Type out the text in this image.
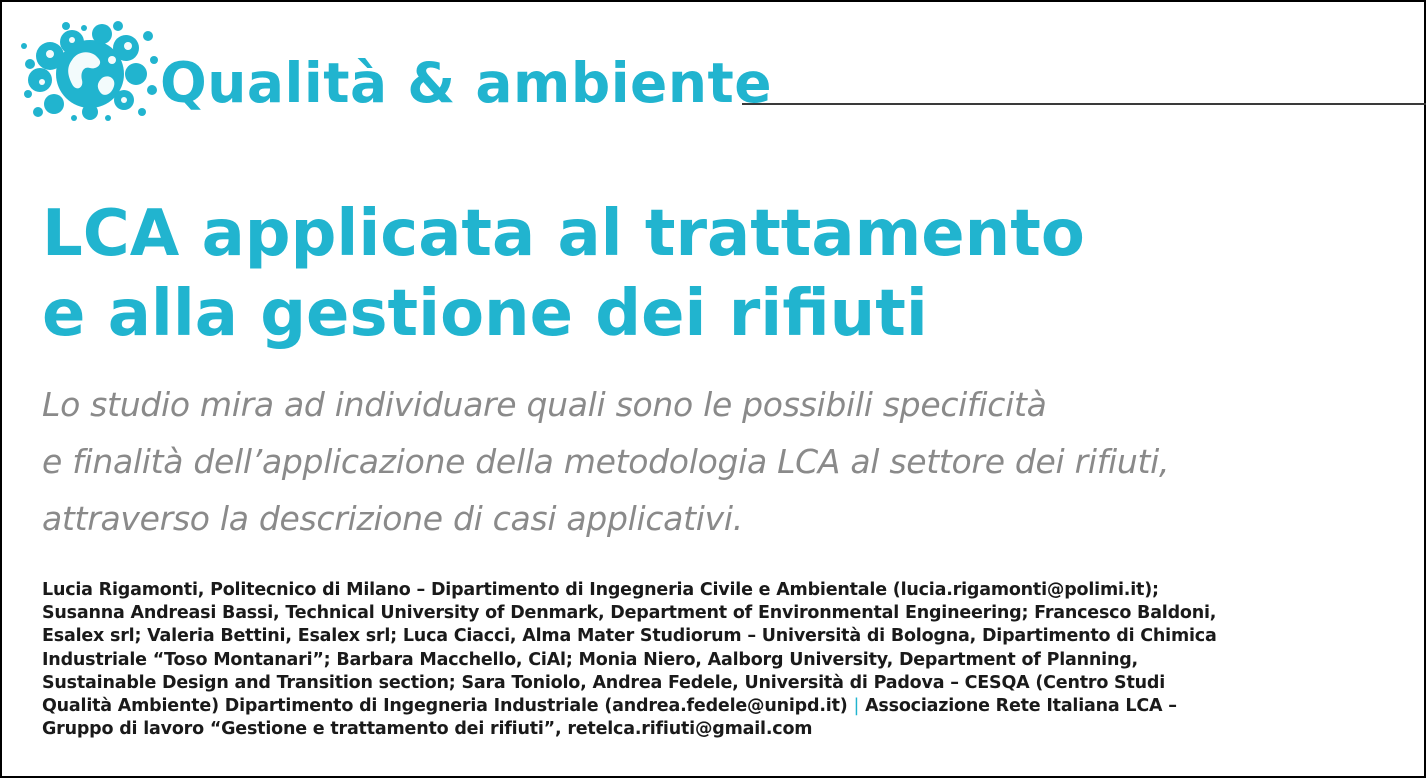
Qualità & ambiente
LCA applicata al trattamento
e alla gestione dei rifiuti

Lo studio mira ad individuare quali sono le possibili specificità
e finalità dell’applicazione della metodologia LCA al settore dei rifiuti,
attraverso la descrizione di casi applicativi.

Lucia Rigamonti, Politecnico di Milano – Dipartimento di Ingegneria Civile e Ambientale (lucia.rigamonti@polimi.it);
Susanna Andreasi Bassi, Technical University of Denmark, Department of Environmental Engineering; Francesco Baldoni,
Esalex srl; Valeria Bettini, Esalex srl; Luca Ciacci, Alma Mater Studiorum – Università di Bologna, Dipartimento di Chimica
Industriale “Toso Montanari”; Barbara Macchello, CiAl; Monia Niero, Aalborg University, Department of Planning,
Sustainable Design and Transition section; Sara Toniolo, Andrea Fedele, Università di Padova – CESQA (Centro Studi
Qualità Ambiente) Dipartimento di Ingegneria Industriale (andrea.fedele@unipd.it) | Associazione Rete Italiana LCA –
Gruppo di lavoro “Gestione e trattamento dei rifiuti”, retelca.rifiuti@gmail.com
